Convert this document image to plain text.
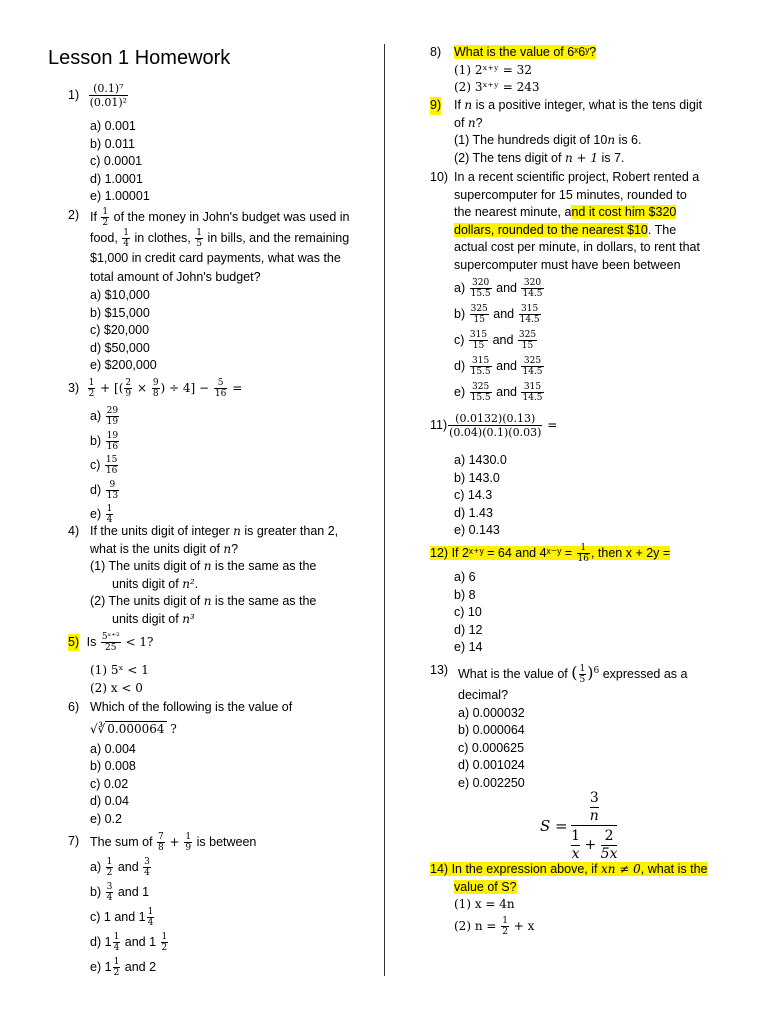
Lesson 1 Homework
$1) \frac{\text{(0.1)⁷}}{\text{(0.01)²}}$
a) 0.001
b) 0.011
c) 0.0001
d) 1.0001
e) 1.00001
2) If $\frac{1}{2}$ of the money in John's budget was used in
food, $\frac{1}{4}$ in clothes, $\frac{1}{5}$ in bills, and the remaining
$1,000 in credit card payments, what was the
total amount of John's budget?
a) $10,000
b) $15,000
c) $20,000
d) $50,000
e) $200,000
$3) \frac{1}{2}$ + [( $\frac{2}{9} \times \frac{9}{8}$ ) ÷ $4] - \frac{5}{16}$ =
$a) \frac{29}{19}$
$b) \frac{19}{16}$
$c) \frac{15}{16}$
$d) \frac{9}{13}$
$e) \frac{1}{4}$
4) If the units digit of integer n is greater than 2,
what is the units digit of n?
(1) The units digit of n is the same as the
units digit of n².
(2) The units digit of n is the same as the
units digit of n³
5) Is $\frac{\text{5ˣ⁺²}}{25} < 1$?
(1) 5ˣ < 1
(2) x < 0
6) Which of the following is the value of
√∛ 0.000064 ?
a) 0.004
b) 0.008
c) 0.02
d) 0.04
e) 0.2
7) The sum of $\frac{7}{8} + \frac{1}{9}$ is between
$a) \frac{1}{2}$ and $\frac{3}{4}$
$b) \frac{3}{4}$ and 1
c) 1 and $1 \frac{1}{4}$
d) $1 \frac{1}{4}$ and $1 \frac{1}{2}$
e) $1 \frac{1}{2}$ and 2
8) What is the value of 6ˣ6ʸ?
(1) 2ˣ⁺ʸ = 32
(2) 3ˣ⁺ʸ = 243
9) If n is a positive integer, what is the tens digit
of n?
(1) The hundreds digit of 10n is 6.
(2) The tens digit of n + 1 is 7.
10) In a recent scientific project, Robert rented a
supercomputer for 15 minutes, rounded to
the nearest minute, and it cost him $320
dollars, rounded to the nearest $10. The
actual cost per minute, in dollars, to rent that
supercomputer must have been between
$a) \frac{320}{15.5}$ and $\frac{320}{14.5}$
$b) \frac{325}{15}$ and $\frac{315}{14.5}$
$c) \frac{315}{15}$ and $\frac{325}{15}$
$d) \frac{315}{15.5}$ and $\frac{325}{14.5}$
$e) \frac{325}{15.5}$ and $\frac{315}{14.5}$
$11) \frac{(0.0132)(0.13)}{(0.04)(0.1)(0.03)}$ =
a) 1430.0
b) 143.0
c) 14.3
d) 1.43
e) 0.143
12) If 2ˣ⁺ʸ = 64 and 4ˣ⁻ʸ = $\frac{1}{16}$ , then x + 2y =
a) 6
b) 8
c) 10
d) 12
e) 14
13) What is the value of ( $\frac{1}{5} )^6$ expressed as a
decimal?
a) 0.000032
b) 0.000064
c) 0.000625
d) 0.001024
e) 0.002250
$S = \frac{\frac{3}{n}}{\frac{1}{x} + \frac{2}{5x}}$
14) In the expression above, if xn ≠ 0, what is the
value of S?
(1) x = 4n
(2) $n = \frac{1}{2} + x$
